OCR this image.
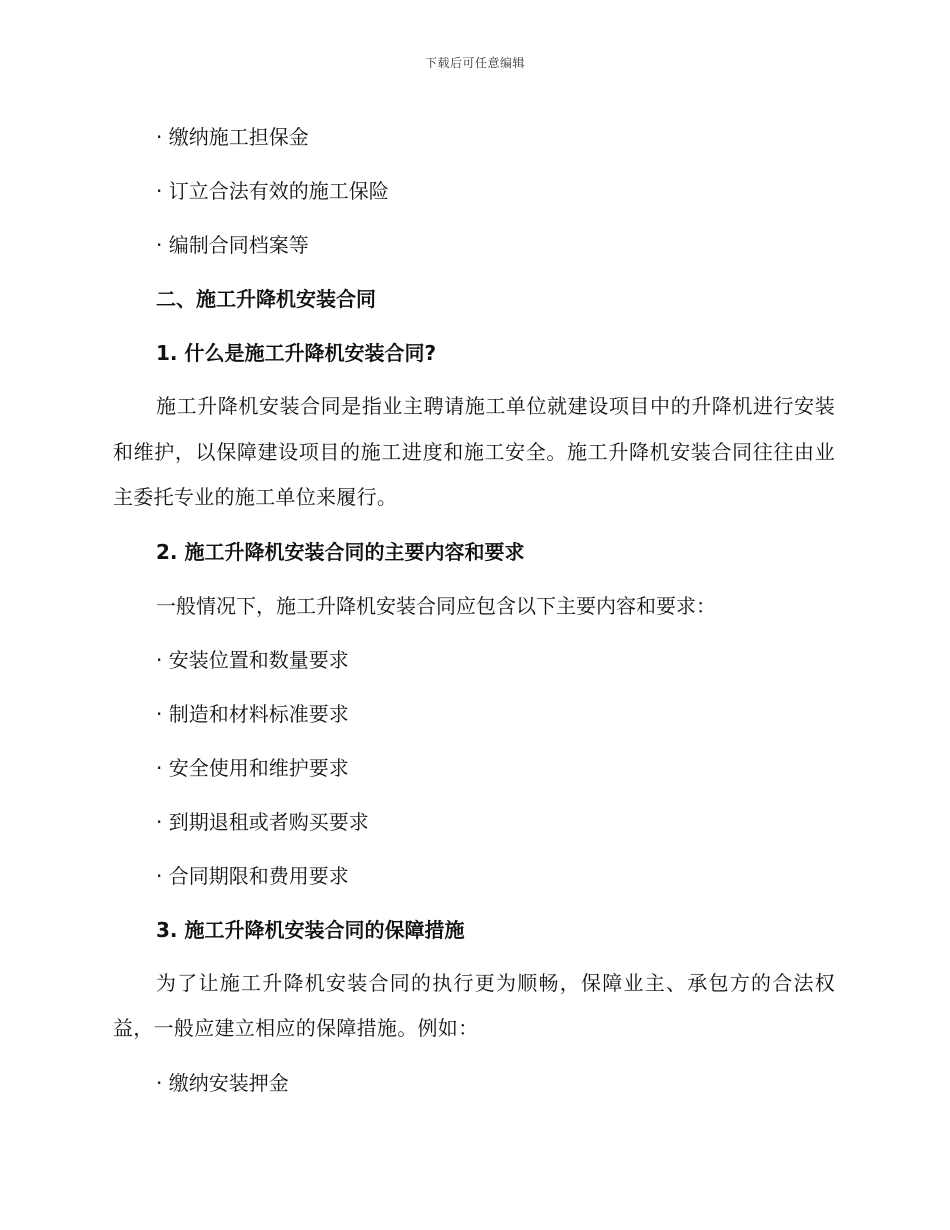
下载后可任意编辑
· 缴纳施工担保金
· 订立合法有效的施工保险
· 编制合同档案等
二、施工升降机安装合同
1. 什么是施工升降机安装合同?
施工升降机安装合同是指业主聘请施工单位就建设项目中的升降机进行安装和维护，以保障建设项目的施工进度和施工安全。施工升降机安装合同往往由业主委托专业的施工单位来履行。
2. 施工升降机安装合同的主要内容和要求
一般情况下，施工升降机安装合同应包含以下主要内容和要求：
· 安装位置和数量要求
· 制造和材料标准要求
· 安全使用和维护要求
· 到期退租或者购买要求
· 合同期限和费用要求
3. 施工升降机安装合同的保障措施
为了让施工升降机安装合同的执行更为顺畅，保障业主、承包方的合法权益，一般应建立相应的保障措施。例如：
· 缴纳安装押金
